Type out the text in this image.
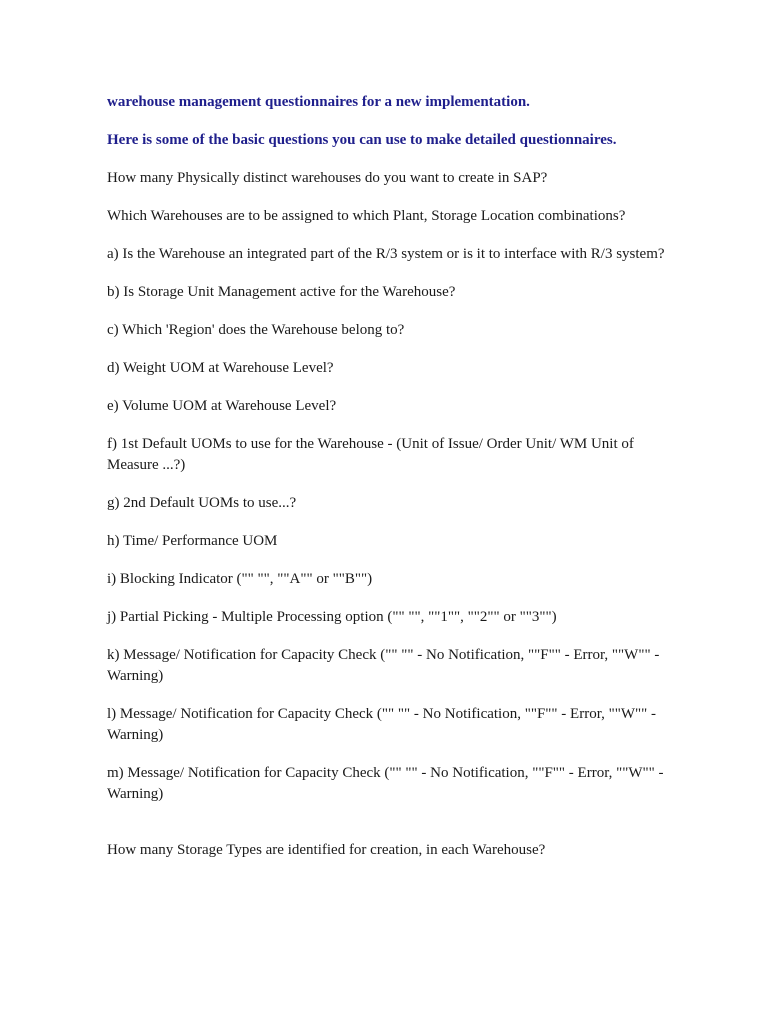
warehouse management questionnaires for a new implementation.

Here is some of the basic questions you can use to make detailed questionnaires.

How many Physically distinct warehouses do you want to create in SAP?

Which Warehouses are to be assigned to which Plant, Storage Location combinations?

a) Is the Warehouse an integrated part of the R/3 system or is it to interface with R/3 system?

b) Is Storage Unit Management active for the Warehouse?

c) Which 'Region' does the Warehouse belong to?

d) Weight UOM at Warehouse Level?

e) Volume UOM at Warehouse Level?

f) 1st Default UOMs to use for the Warehouse - (Unit of Issue/ Order Unit/ WM Unit of Measure ...?)

g) 2nd Default UOMs to use...?

h) Time/ Performance UOM

i) Blocking Indicator ("" "", ""A"" or ""B"")

j) Partial Picking - Multiple Processing option ("" "", ""1"", ""2"" or ""3"")

k) Message/ Notification for Capacity Check ("" "" - No Notification, ""F"" - Error, ""W"" - Warning)

l) Message/ Notification for Capacity Check ("" "" - No Notification, ""F"" - Error, ""W"" - Warning)

m) Message/ Notification for Capacity Check ("" "" - No Notification, ""F"" - Error, ""W"" - Warning)

How many Storage Types are identified for creation, in each Warehouse?
